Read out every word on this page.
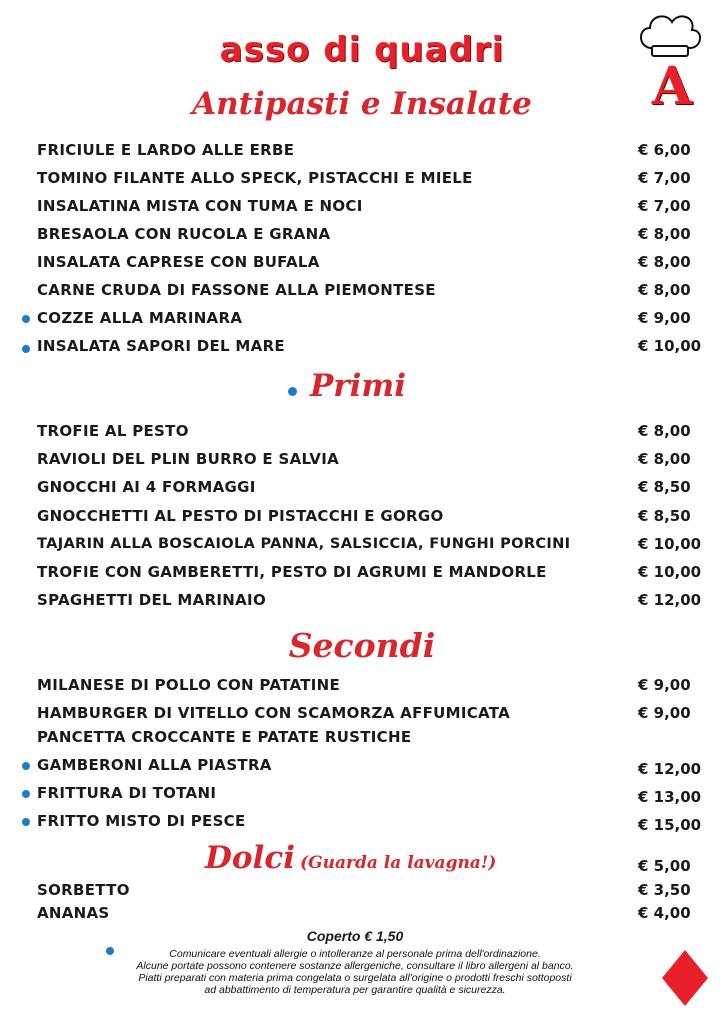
asso di quadri
A
Antipasti e Insalate
FRICIULE E LARDO ALLE ERBE	€ 6,00
TOMINO FILANTE ALLO SPECK, PISTACCHI E MIELE	€ 7,00
INSALATINA MISTA CON TUMA E NOCI	€ 7,00
BRESAOLA CON RUCOLA E GRANA	€ 8,00
INSALATA CAPRESE CON BUFALA	€ 8,00
CARNE CRUDA DI FASSONE ALLA PIEMONTESE	€ 8,00
COZZE ALLA MARINARA	€ 9,00
INSALATA SAPORI DEL MARE	€ 10,00
Primi
TROFIE AL PESTO	€ 8,00
RAVIOLI DEL PLIN BURRO E SALVIA	€ 8,00
GNOCCHI AI 4 FORMAGGI	€ 8,50
GNOCCHETTI AL PESTO DI PISTACCHI E GORGO	€ 8,50
TAJARIN ALLA BOSCAIOLA PANNA, SALSICCIA, FUNGHI PORCINI	€ 10,00
TROFIE CON GAMBERETTI, PESTO DI AGRUMI E MANDORLE	€ 10,00
SPAGHETTI DEL MARINAIO	€ 12,00
Secondi
MILANESE DI POLLO CON PATATINE	€ 9,00
HAMBURGER DI VITELLO CON SCAMORZA AFFUMICATA	€ 9,00
PANCETTA CROCCANTE E PATATE RUSTICHE
GAMBERONI ALLA PIASTRA	€ 12,00
FRITTURA DI TOTANI	€ 13,00
FRITTO MISTO DI PESCE	€ 15,00
Dolci (Guarda la lavagna!)	€ 5,00
SORBETTO	€ 3,50
ANANAS	€ 4,00
Coperto € 1,50
Comunicare eventuali allergie o intolleranze al personale prima dell'ordinazione.
Alcune portate possono contenere sostanze allergeniche, consultare il libro allergeni al banco.
Piatti preparati con materia prima congelata o surgelata all'origine o prodotti freschi sottoposti
ad abbattimento di temperatura per garantire qualità e sicurezza.
